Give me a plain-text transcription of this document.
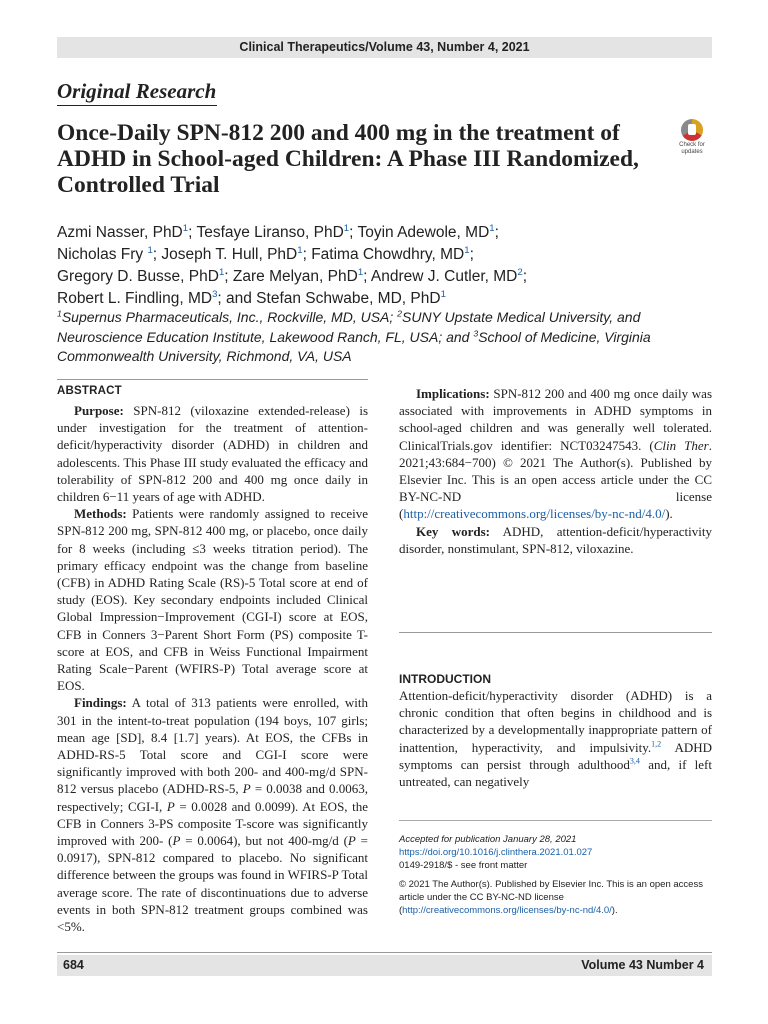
Clinical Therapeutics/Volume 43, Number 4, 2021
Original Research
Once-Daily SPN-812 200 and 400 mg in the treatment of ADHD in School-aged Children: A Phase III Randomized, Controlled Trial
Check for updates
Azmi Nasser, PhD$^1$; Tesfaye Liranso, PhD$^1$; Toyin Adewole, $MD^1$;
Nicholas Fry $^1$; Joseph T. Hull, PhD$^1$; Fatima Chowdhry, $MD^1$;
Gregory D. Busse, PhD$^1$; Zare Melyan, PhD$^1$; Andrew J. Cutler, $MD^2$;
Robert L. Findling, $MD^3$; and Stefan Schwabe, MD, PhD$^1$
$^1$Supernus Pharmaceuticals, Inc., Rockville, MD, USA; $^2$SUNY Upstate Medical University, and Neuroscience Education Institute, Lakewood Ranch, FL, USA; and $^3$School of Medicine, Virginia Commonwealth University, Richmond, VA, USA
ABSTRACT

Purpose: SPN-812 (viloxazine extended-release) is under investigation for the treatment of attention-deficit/hyperactivity disorder (ADHD) in children and adolescents. This Phase III study evaluated the efficacy and tolerability of SPN-812 200 and 400 mg once daily in children 6−11 years of age with ADHD.

Methods: Patients were randomly assigned to receive SPN-812 200 mg, SPN-812 400 mg, or placebo, once daily for 8 weeks (including ≤3 weeks titration period). The primary efficacy endpoint was the change from baseline (CFB) in ADHD Rating Scale (RS)-5 Total score at end of study (EOS). Key secondary endpoints included Clinical Global Impression−Improvement (CGI-I) score at EOS, CFB in Conners 3−Parent Short Form (PS) composite T-score at EOS, and CFB in Weiss Functional Impairment Rating Scale−Parent (WFIRS-P) Total average score at EOS.

Findings: A total of 313 patients were enrolled, with 301 in the intent-to-treat population (194 boys, 107 girls; mean age [SD], 8.4 [1.7] years). At EOS, the CFBs in ADHD-RS-5 Total score and CGI-I score were significantly improved with both 200- and 400-mg/d SPN-812 versus placebo (ADHD-RS-5, P = 0.0038 and 0.0063, respectively; CGI-I, P = 0.0028 and 0.0099). At EOS, the CFB in Conners 3-PS composite T-score was significantly improved with 200- (P = 0.0064), but not 400-mg/d (P = 0.0917), SPN-812 compared to placebo. No significant difference between the groups was found in WFIRS-P Total average score. The rate of discontinuations due to adverse events in both SPN-812 treatment groups combined was <5%.

INTRODUCTION

Attention-deficit/hyperactivity disorder (ADHD) is a chronic condition that often begins in childhood and is characterized by a developmentally inappropriate pattern of inattention, hyperactivity, and impulsivity.$^{1,2}$ ADHD symptoms can persist through adulthood$^{3,4}$ and, if left untreated, can negatively

Accepted for publication January 28, 2021
https://doi.org/10.1016/j.clinthera.2021.01.027
0149-2918/$ - see front matter
© 2021 The Author(s). Published by Elsevier Inc. This is an open access article under the CC BY-NC-ND license (http://creativecommons.org/licenses/by-nc-nd/4.0/).
684	Volume 43 Number 4

Implications: SPN-812 200 and 400 mg once daily was associated with improvements in ADHD symptoms in school-aged children and was generally well tolerated. ClinicalTrials.gov identifier: NCT03247543. (Clin Ther. 2021;43:684−700) © 2021 The Author(s). Published by Elsevier Inc. This is an open access article under the CC BY-NC-ND license (http://creativecommons.org/licenses/by-nc-nd/4.0/).

Key words: ADHD, attention-deficit/hyperactivity disorder, nonstimulant, SPN-812, viloxazine.
